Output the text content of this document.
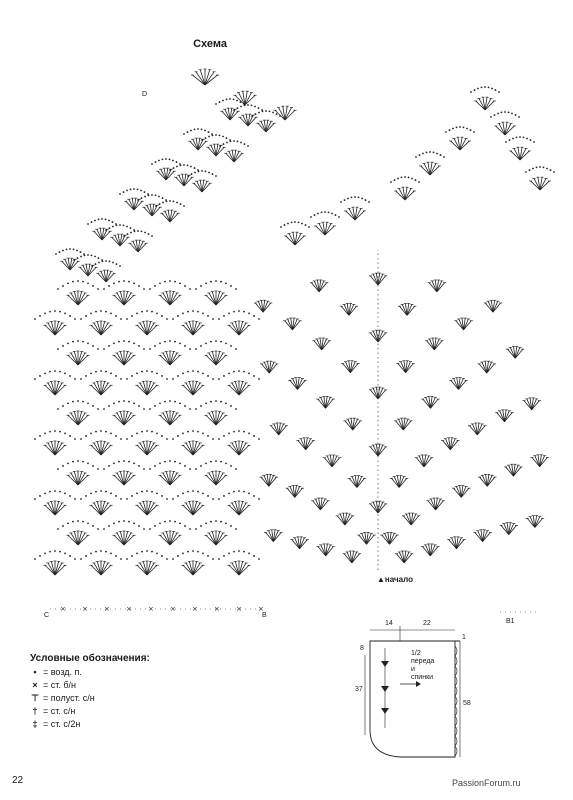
Схема
× × × × × × × × × ×
D
C	B
B1
▲начало
14	22
1
8
37
58
1/2
переда
и
спинки
Условные обозначения:
• = возд. п.
× = ст. б/н
⊤ = полуст. с/н
† = ст. с/н
‡ = ст. с/2н
22	PassionForum.ru
